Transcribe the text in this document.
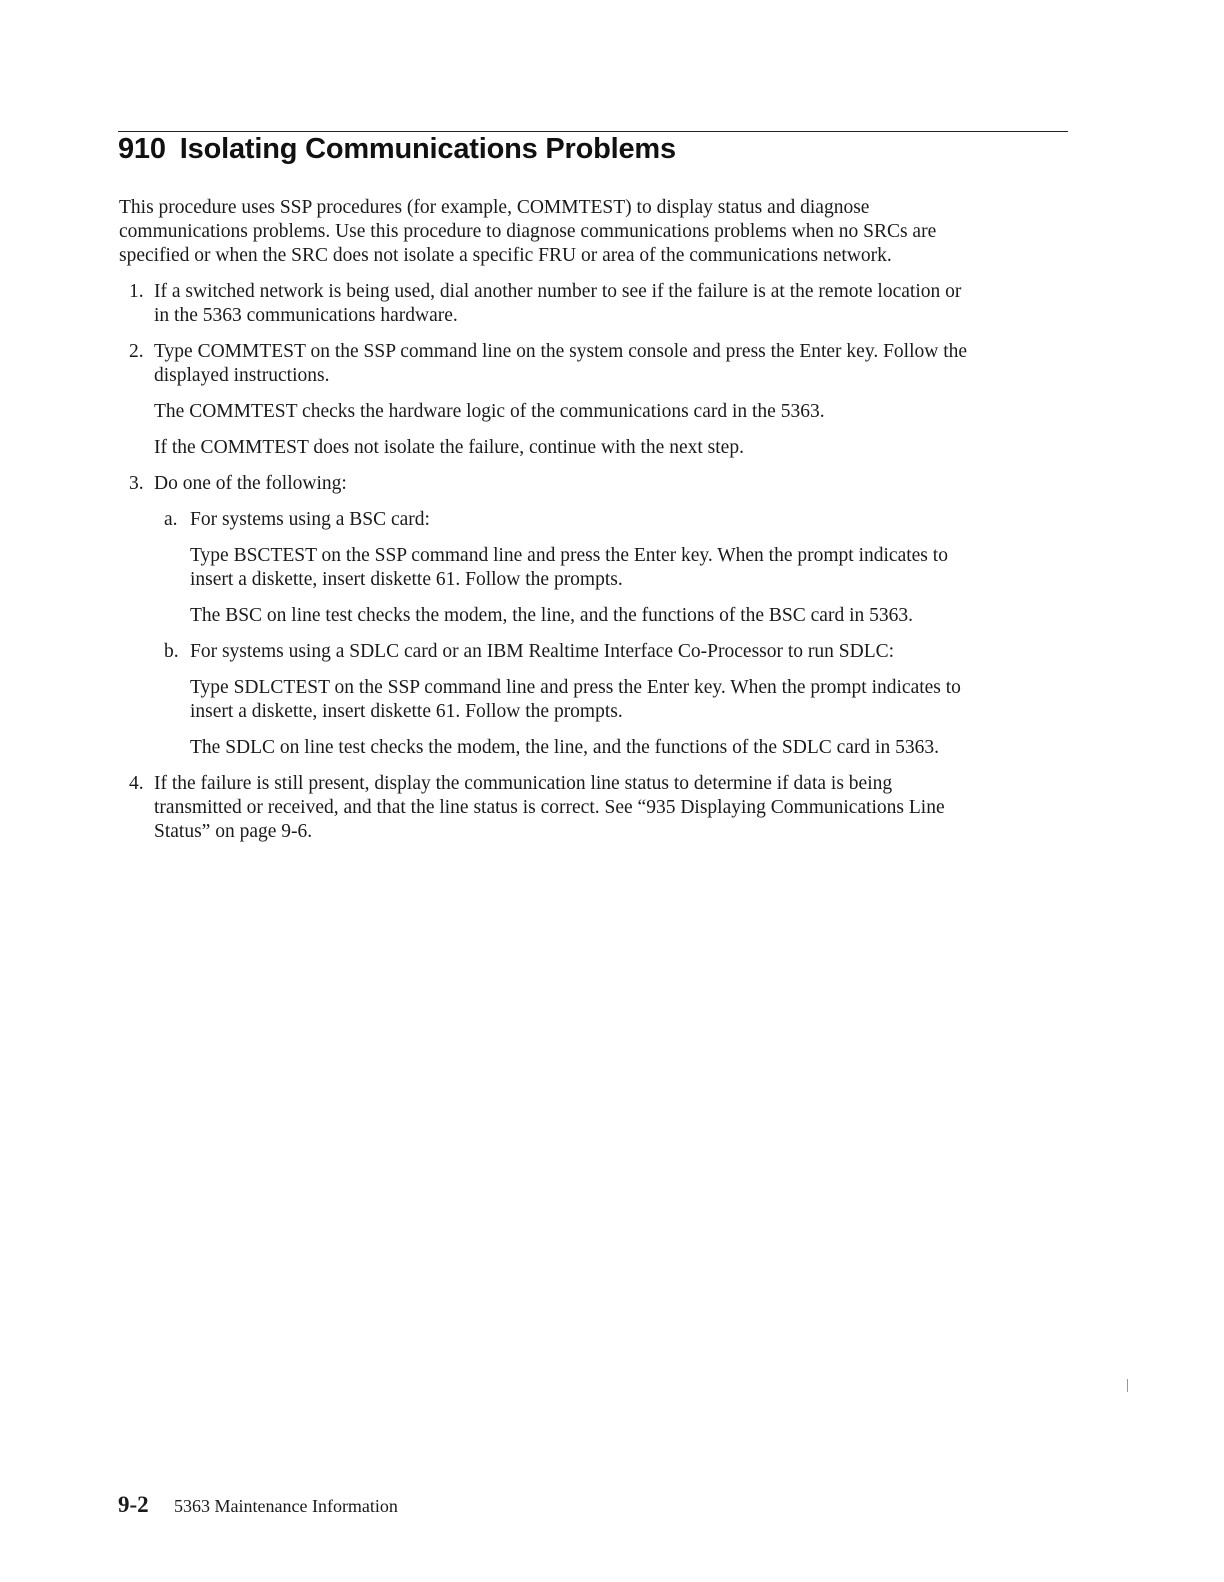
910 Isolating Communications Problems
This procedure uses SSP procedures (for example, COMMTEST) to display status and diagnose
communications problems. Use this procedure to diagnose communications problems when no SRCs are
specified or when the SRC does not isolate a specific FRU or area of the communications network.
1. If a switched network is being used, dial another number to see if the failure is at the remote location or
in the 5363 communications hardware.
2. Type COMMTEST on the SSP command line on the system console and press the Enter key. Follow the
displayed instructions.
The COMMTEST checks the hardware logic of the communications card in the 5363.
If the COMMTEST does not isolate the failure, continue with the next step.
3. Do one of the following:
a. For systems using a BSC card:
Type BSCTEST on the SSP command line and press the Enter key. When the prompt indicates to
insert a diskette, insert diskette 61. Follow the prompts.
The BSC on line test checks the modem, the line, and the functions of the BSC card in 5363.
b. For systems using a SDLC card or an IBM Realtime Interface Co-Processor to run SDLC:
Type SDLCTEST on the SSP command line and press the Enter key. When the prompt indicates to
insert a diskette, insert diskette 61. Follow the prompts.
The SDLC on line test checks the modem, the line, and the functions of the SDLC card in 5363.
4. If the failure is still present, display the communication line status to determine if data is being
transmitted or received, and that the line status is correct. See “935 Displaying Communications Line
Status” on page 9-6.
9-2 5363 Maintenance Information
